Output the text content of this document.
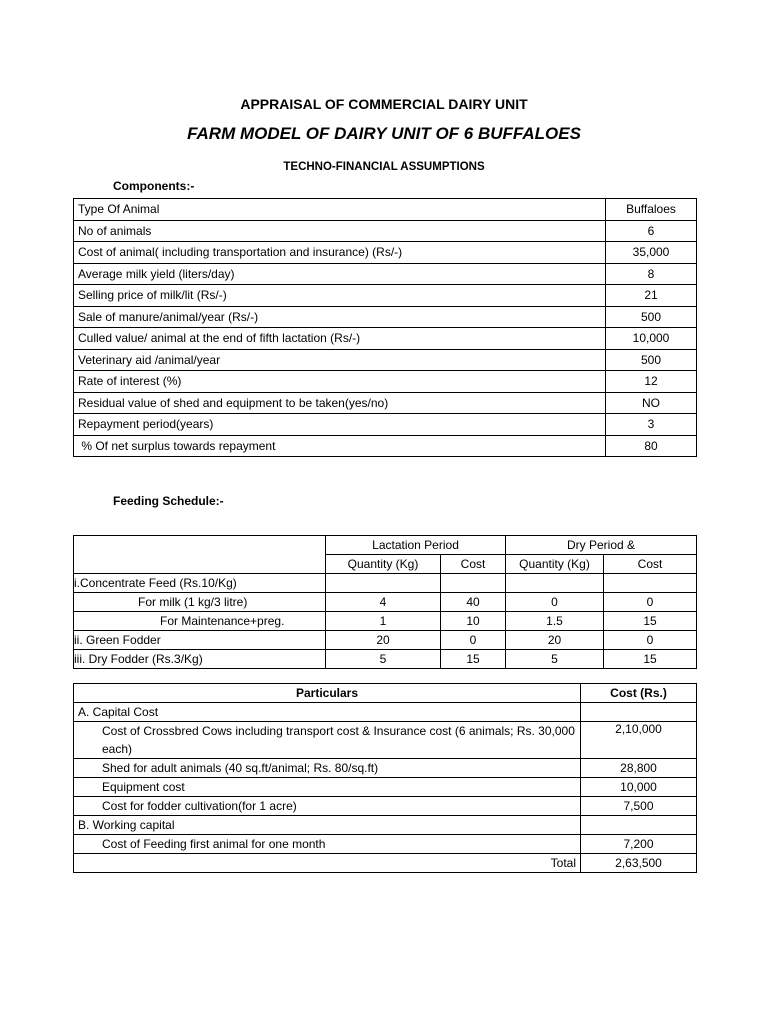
APPRAISAL OF COMMERCIAL DAIRY UNIT
FARM MODEL OF DAIRY UNIT OF 6 BUFFALOES
TECHNO-FINANCIAL ASSUMPTIONS
Components:-
Type Of Animal	Buffaloes
No of animals	6
Cost of animal( including transportation and insurance) (Rs/-)	35,000
Average milk yield (liters/day)	8
Selling price of milk/lit (Rs/-)	21
Sale of manure/animal/year (Rs/-)	500
Culled value/ animal at the end of fifth lactation (Rs/-)	10,000
Veterinary aid /animal/year	500
Rate of interest (%)	12
Residual value of shed and equipment to be taken(yes/no)	NO
Repayment period(years)	3
% Of net surplus towards repayment	80
Feeding Schedule:-
	Lactation Period		Dry Period &	
	Quantity (Kg)	Cost	Quantity (Kg)	Cost
i.Concentrate Feed (Rs.10/Kg)				
For milk (1 kg/3 litre)	4	40	0	0
For Maintenance+preg.	1	10	1.5	15
ii. Green Fodder	20	0	20	0
iii. Dry Fodder (Rs.3/Kg)	5	15	5	15
Particulars	Cost (Rs.)
A. Capital Cost	
Cost of Crossbred Cows including transport cost & Insurance cost (6 animals; Rs. 30,000 each)	2,10,000
Shed for adult animals (40 sq.ft/animal; Rs. 80/sq.ft)	28,800
Equipment cost	10,000
Cost for fodder cultivation(for 1 acre)	7,500
B. Working capital	
Cost of Feeding first animal for one month	7,200
Total	2,63,500
